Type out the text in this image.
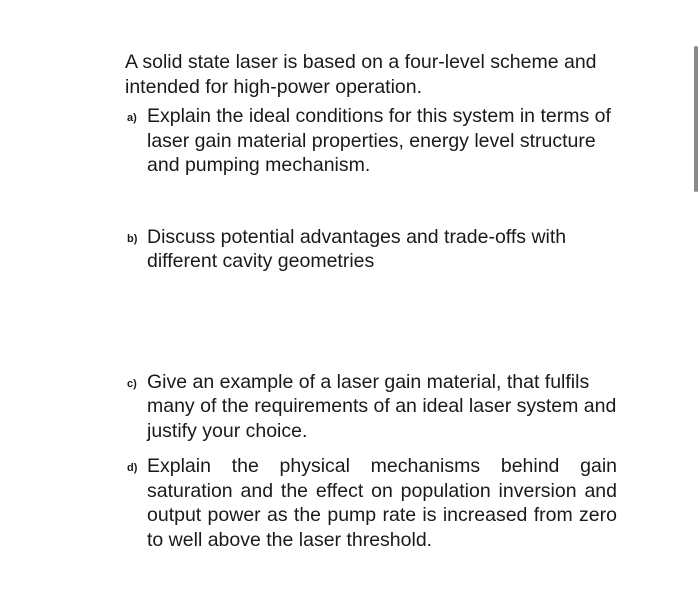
A solid state laser is based on a four-level scheme and intended for high-power operation.

a) Explain the ideal conditions for this system in terms of laser gain material properties, energy level structure and pumping mechanism.
b) Discuss potential advantages and trade-offs with different cavity geometries
c) Give an example of a laser gain material, that fulfils many of the requirements of an ideal laser system and justify your choice.
d) Explain the physical mechanisms behind gain saturation and the effect on population inversion and output power as the pump rate is increased from zero to well above the laser threshold.
